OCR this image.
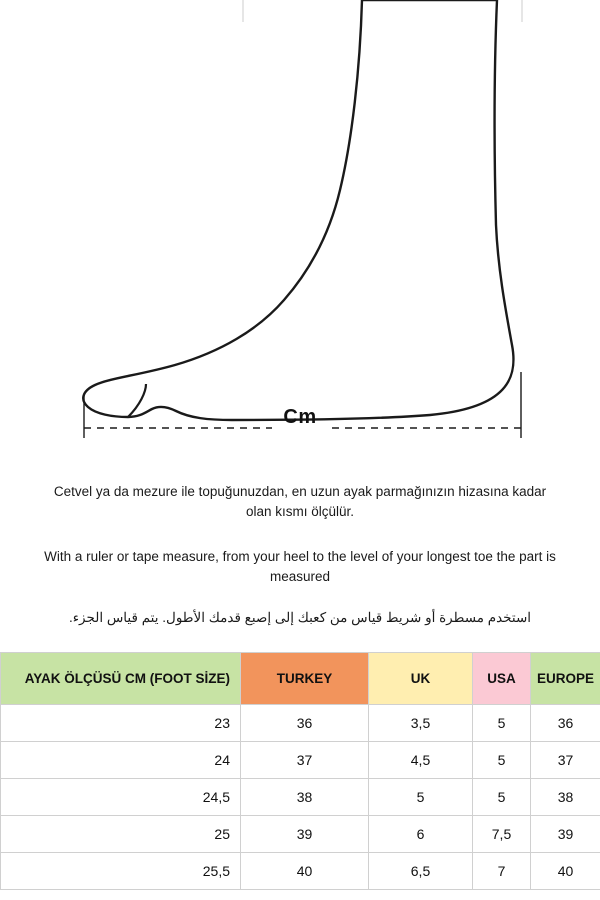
Cm
Cetvel ya da mezure ile topuğunuzdan, en uzun ayak parmağınızın hizasına kadar olan kısmı ölçülür.
With a ruler or tape measure, from your heel to the level of your longest toe the part is measured
استخدم مسطرة أو شريط قياس من كعبك إلى إصبع قدمك الأطول. يتم قياس الجزء.
AYAK ÖLÇÜSÜ CM (FOOT SİZE)	TURKEY	UK	USA	EUROPE
23	36	3,5	5	36
24	37	4,5	5	37
24,5	38	5	5	38
25	39	6	7,5	39
25,5	40	6,5	7	40
